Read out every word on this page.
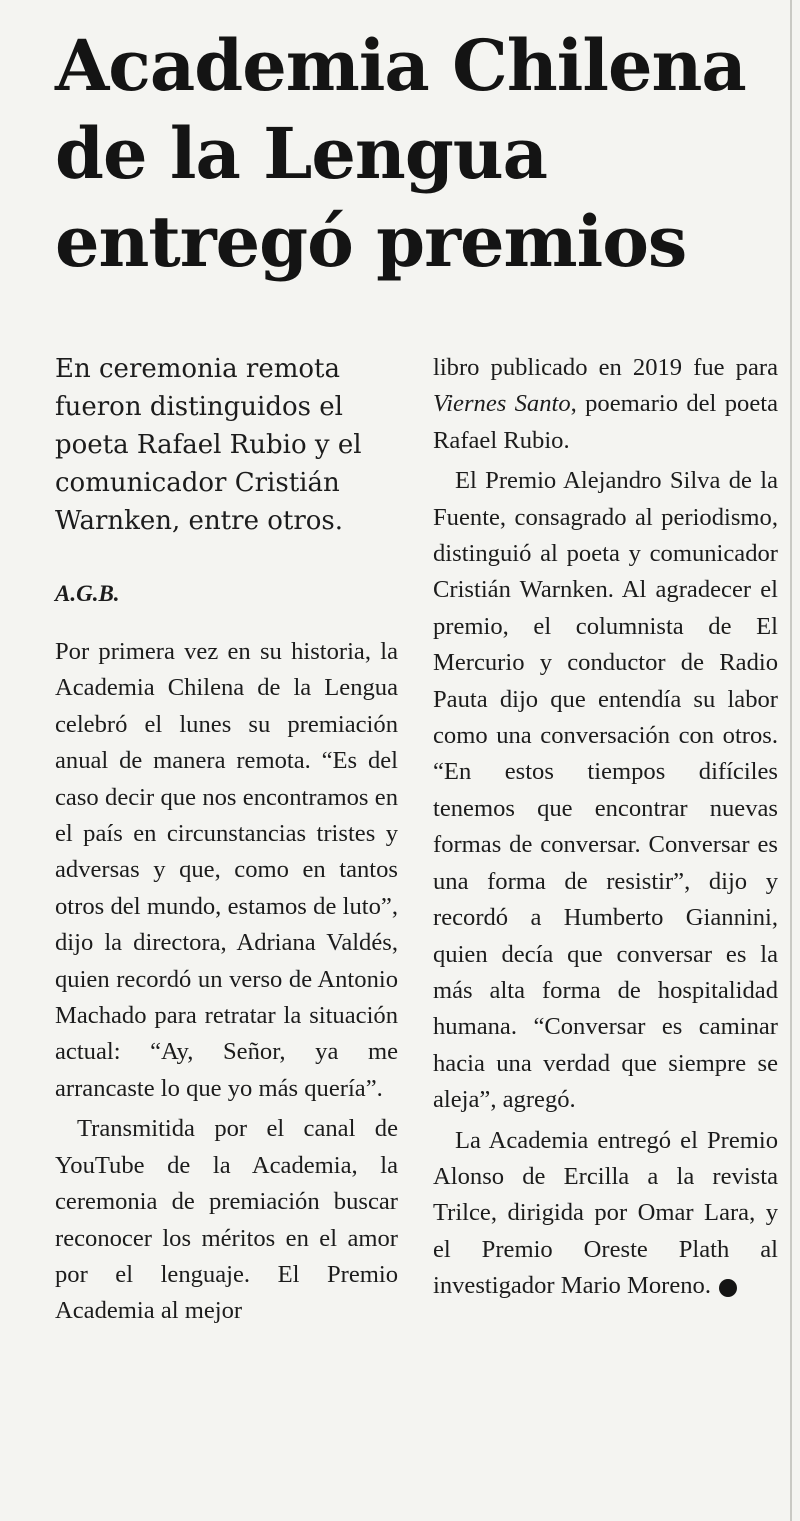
Academia Chilena
de la Lengua
entregó premios

En ceremonia remota
fueron distinguidos el
poeta Rafael Rubio y el
comunicador Cristián
Warnken, entre otros.

A.G.B.

Por primera vez en su historia, la Academia Chilena de la Lengua celebró el lunes su premiación anual de manera remota. “Es del caso decir que nos encontramos en el país en circunstancias tristes y adversas y que, como en tantos otros del mundo, estamos de luto”, dijo la directora, Adriana Valdés, quien recordó un verso de Antonio Machado para retratar la situación actual: “Ay, Señor, ya me arrancaste lo que yo más quería”.

Transmitida por el canal de YouTube de la Academia, la ceremonia de premiación buscar reconocer los méritos en el amor por el lenguaje. El Premio Academia al mejor

libro publicado en 2019 fue para Viernes Santo, poemario del poeta Rafael Rubio.

El Premio Alejandro Silva de la Fuente, consagrado al periodismo, distinguió al poeta y comunicador Cristián Warnken. Al agradecer el premio, el columnista de El Mercurio y conductor de Radio Pauta dijo que entendía su labor como una conversación con otros. “En estos tiempos difíciles tenemos que encontrar nuevas formas de conversar. Conversar es una forma de resistir”, dijo y recordó a Humberto Giannini, quien decía que conversar es la más alta forma de hospitalidad humana. “Conversar es caminar hacia una verdad que siempre se aleja”, agregó.

La Academia entregó el Premio Alonso de Ercilla a la revista Trilce, dirigida por Omar Lara, y el Premio Oreste Plath al investigador Mario Moreno.
